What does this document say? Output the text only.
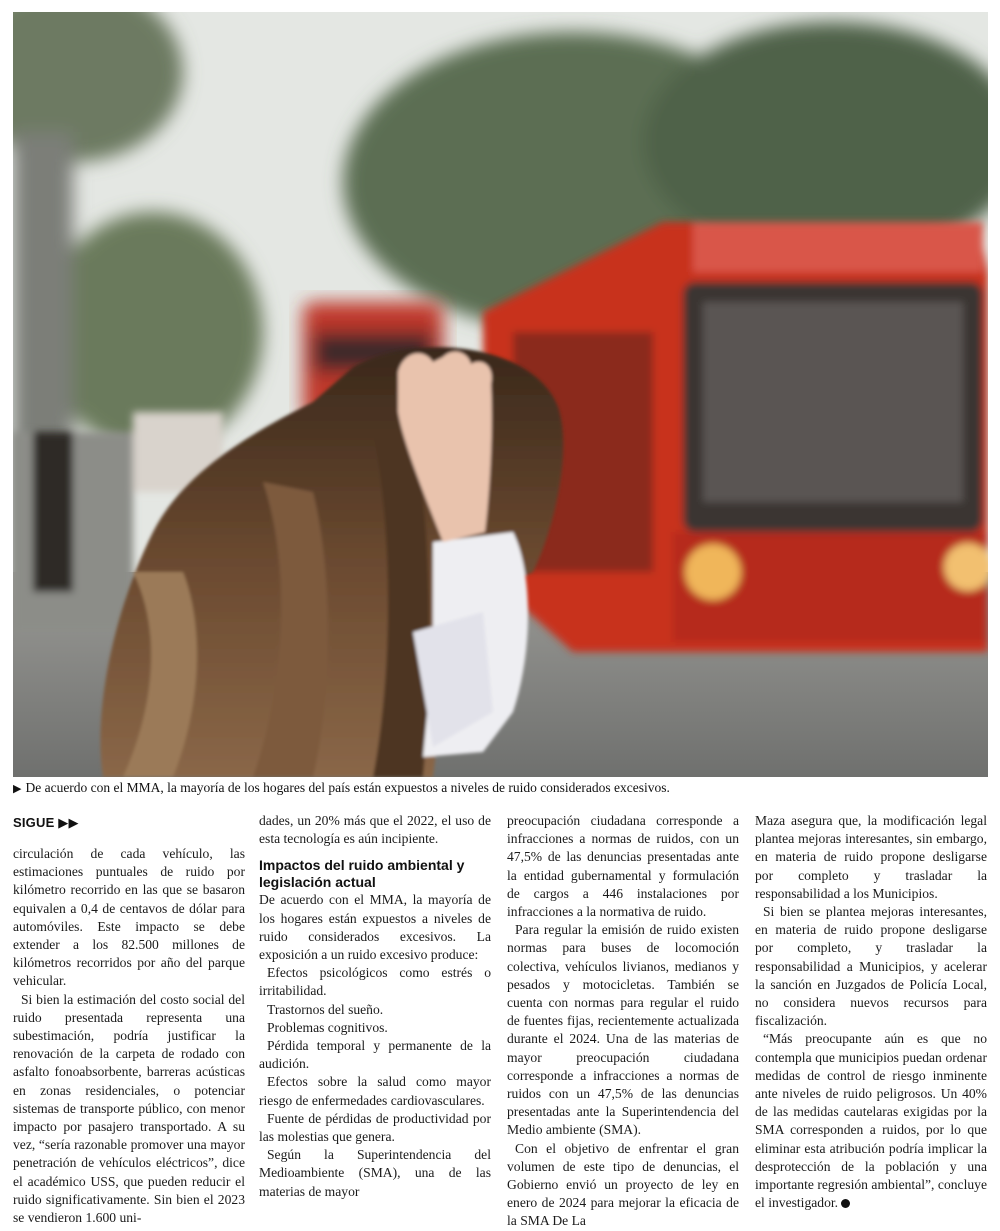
▶ De acuerdo con el MMA, la mayoría de los hogares del país están expuestos a niveles de ruido considerados excesivos.
SIGUE ▶▶

circulación de cada vehículo, las estimaciones puntuales de ruido por kilómetro recorrido en las que se basaron equivalen a 0,4 de centavos de dólar para automóviles. Este impacto se debe extender a los 82.500 millones de kilómetros recorridos por año del parque vehicular.

Si bien la estimación del costo social del ruido presentada representa una subestimación, podría justificar la renovación de la carpeta de rodado con asfalto fonoabsorbente, barreras acústicas en zonas residenciales, o potenciar sistemas de transporte público, con menor impacto por pasajero transportado. A su vez, “sería razonable promover una mayor penetración de vehículos eléctricos”, dice el académico USS, que pueden reducir el ruido significativamente. Sin bien el 2023 se vendieron 1.600 uni-

dades, un 20% más que el 2022, el uso de esta tecnología es aún incipiente.

Impactos del ruido ambiental y legislación actual

De acuerdo con el MMA, la mayoría de los hogares están expuestos a niveles de ruido considerados excesivos. La exposición a un ruido excesivo produce:

Efectos psicológicos como estrés o irritabilidad.

Trastornos del sueño.

Problemas cognitivos.

Pérdida temporal y permanente de la audición.

Efectos sobre la salud como mayor riesgo de enfermedades cardiovasculares.

Fuente de pérdidas de productividad por las molestias que genera.

Según la Superintendencia del Medioambiente (SMA), una de las materias de mayor

preocupación ciudadana corresponde a infracciones a normas de ruidos, con un 47,5% de las denuncias presentadas ante la entidad gubernamental y formulación de cargos a 446 instalaciones por infracciones a la normativa de ruido.

Para regular la emisión de ruido existen normas para buses de locomoción colectiva, vehículos livianos, medianos y pesados y motocicletas. También se cuenta con normas para regular el ruido de fuentes fijas, recientemente actualizada durante el 2024. Una de las materias de mayor preocupación ciudadana corresponde a infracciones a normas de ruidos con un 47,5% de las denuncias presentadas ante la Superintendencia del Medio ambiente (SMA).

Con el objetivo de enfrentar el gran volumen de este tipo de denuncias, el Gobierno envió un proyecto de ley en enero de 2024 para mejorar la eficacia de la SMA De La

Maza asegura que, la modificación legal plantea mejoras interesantes, sin embargo, en materia de ruido propone desligarse por completo y trasladar la responsabilidad a los Municipios.

Si bien se plantea mejoras interesantes, en materia de ruido propone desligarse por completo, y trasladar la responsabilidad a Municipios, y acelerar la sanción en Juzgados de Policía Local, no considera nuevos recursos para fiscalización.

“Más preocupante aún es que no contempla que municipios puedan ordenar medidas de control de riesgo inminente ante niveles de ruido peligrosos. Un 40% de las medidas cautelaras exigidas por la SMA corresponden a ruidos, por lo que eliminar esta atribución podría implicar la desprotección de la población y una importante regresión ambiental”, concluye el investigador.
